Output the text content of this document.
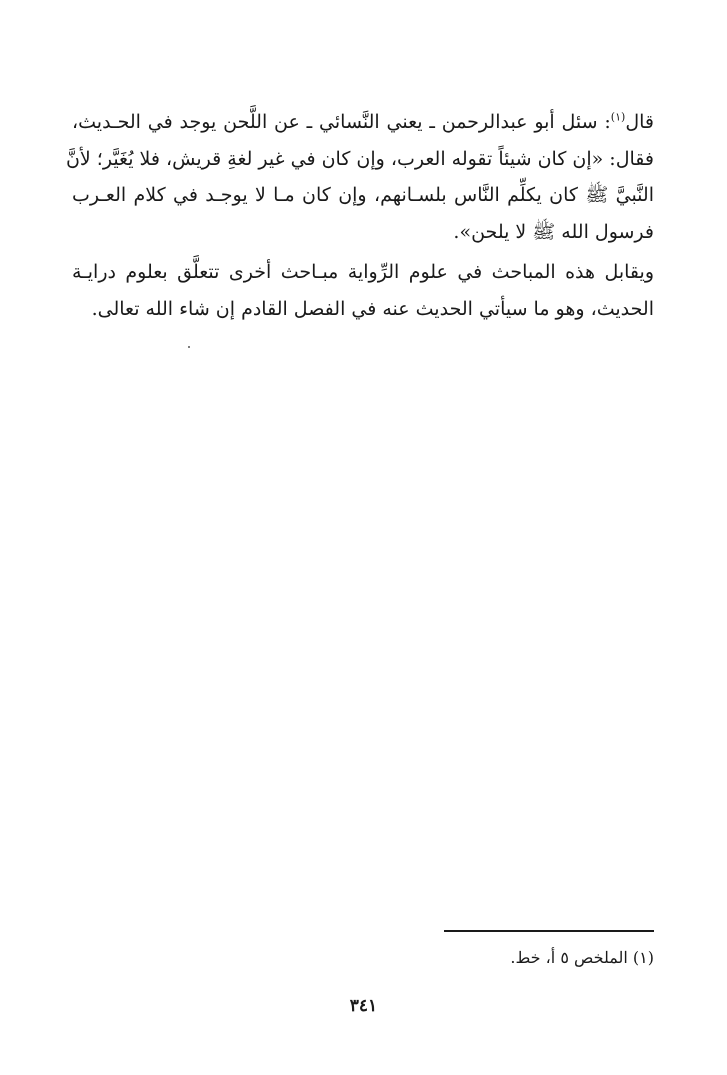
قال$^{(١)}$: سئل أبو عبدالرحمن ـ يعني النَّسائي ـ عن اللَّحن يوجد في الحـديث،
فقال: «إن كان شيئاً تقوله العرب، وإن كان في غير لغةِ قريش، فلا يُغَيَّر؛ لأنَّ
النَّبيَّ ﷺ كان يكلِّم النَّاس بلسـانهم، وإن كان مـا لا يوجـد في كلام العـرب
فرسول الله ﷺ لا يلحن».
ويقابل هذه المباحث في علوم الرِّواية مبـاحث أخرى تتعلَّق بعلوم درايـة
الحديث، وهو ما سيأتي الحديث عنه في الفصل القادم إن شاء الله تعالى.
(١) الملخص ٥ أ، خط.
٣٤١
